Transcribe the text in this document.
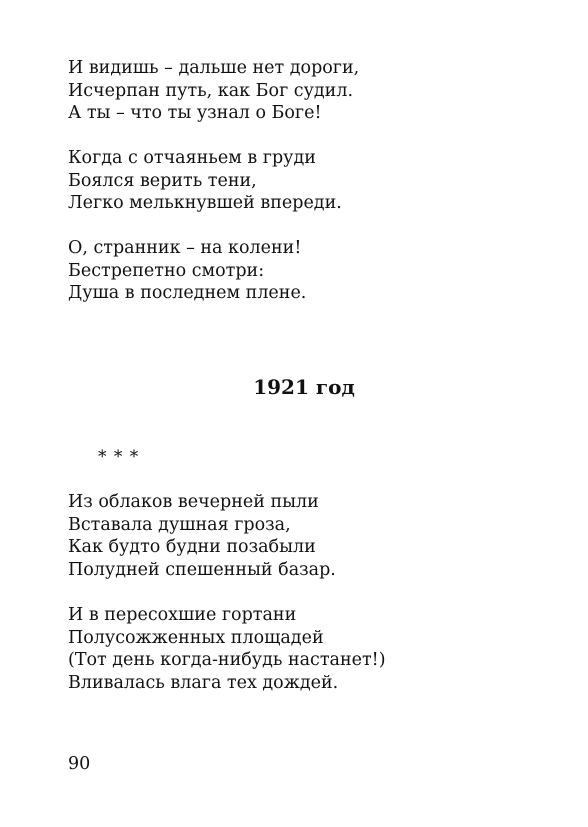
И видишь – дальше нет дороги,
Исчерпан путь, как Бог судил.
А ты – что ты узнал о Боге!
Когда с отчаяньем в груди
Боялся верить тени,
Легко мелькнувшей впереди.
О, странник – на колени!
Бестрепетно смотри:
Душа в последнем плене.
1921 год
* * *
Из облаков вечерней пыли
Вставала душная гроза,
Как будто будни позабыли
Полудней спешенный базар.
И в пересохшие гортани
Полусожженных площадей
(Тот день когда-нибудь настанет!)
Вливалась влага тех дождей.
90
